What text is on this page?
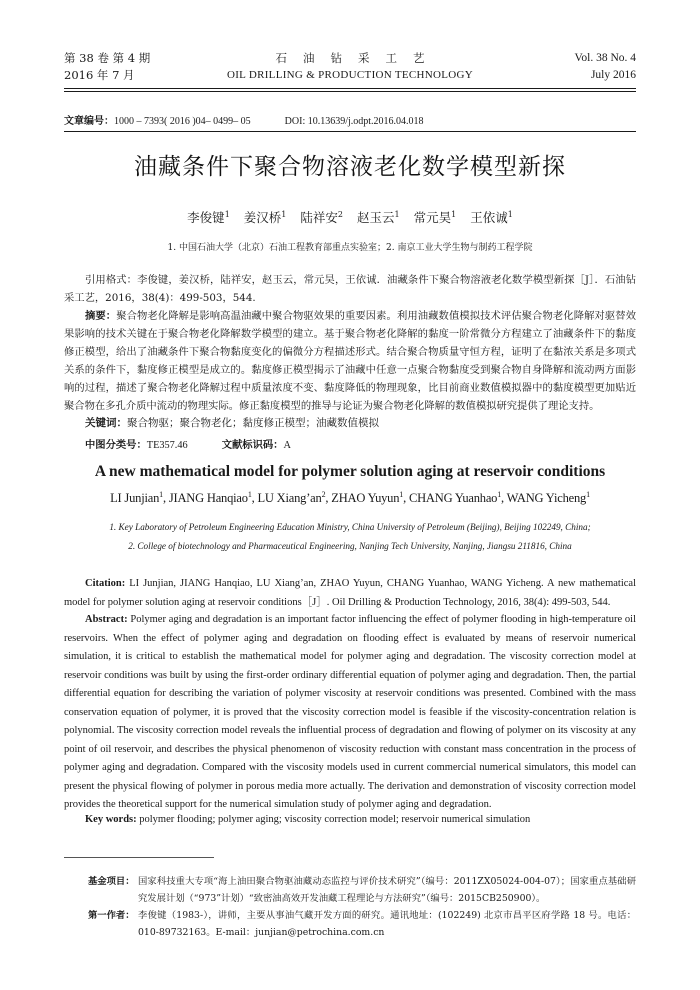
第 38 卷 第 4 期
2016 年 7 月
石油钻采工艺
OIL DRILLING & PRODUCTION TECHNOLOGY
Vol. 38 No. 4
July 2016
文章编号：1000 – 7393( 2016 )04– 0499– 05	DOI: 10.13639/j.odpt.2016.04.018
油藏条件下聚合物溶液老化数学模型新探
李俊键$^1$ 姜汉桥$^1$ 陆祥安$^2$ 赵玉云$^1$ 常元昊$^1$ 王依诚$^1$
1. 中国石油大学（北京）石油工程教育部重点实验室；2. 南京工业大学生物与制药工程学院
引用格式：李俊键，姜汉桥，陆祥安，赵玉云，常元昊，王依诚．油藏条件下聚合物溶液老化数学模型新探［J］．石油钻采工艺，2016，38(4)：499-503，544.
摘要：聚合物老化降解是影响高温油藏中聚合物驱效果的重要因素。利用油藏数值模拟技术评估聚合物老化降解对驱替效果影响的技术关键在于聚合物老化降解数学模型的建立。基于聚合物老化降解的黏度一阶常微分方程建立了油藏条件下的黏度修正模型，给出了油藏条件下聚合物黏度变化的偏微分方程描述形式。结合聚合物质量守恒方程，证明了在黏浓关系是多项式关系的条件下，黏度修正模型是成立的。黏度修正模型揭示了油藏中任意一点聚合物黏度受到聚合物自身降解和流动两方面影响的过程，描述了聚合物老化降解过程中质量浓度不变、黏度降低的物理现象，比目前商业数值模拟器中的黏度模型更加贴近聚合物在多孔介质中流动的物理实际。修正黏度模型的推导与论证为聚合物老化降解的数值模拟研究提供了理论支持。
关键词：聚合物驱；聚合物老化；黏度修正模型；油藏数值模拟
中图分类号：TE357.46	文献标识码：A
A new mathematical model for polymer solution aging at reservoir conditions
LI Junjian$^1$, JIANG Hanqiao$^1$, LU $Xiang’an^2$, ZHAO Yuyun$^1$, CHANG Yuanhao$^1$, WANG Yicheng$^1$
1. Key Laboratory of Petroleum Engineering Education Ministry, China University of Petroleum (Beijing), Beijing 102249, China;
2. College of biotechnology and Pharmaceutical Engineering, Nanjing Tech University, Nanjing, Jiangsu 211816, China
Citation: LI Junjian, JIANG Hanqiao, LU Xiang’an, ZHAO Yuyun, CHANG Yuanhao, WANG Yicheng. A new mathematical model for polymer solution aging at reservoir conditions［J］. Oil Drilling & Production Technology, 2016, 38(4): 499-503, 544.
Abstract: Polymer aging and degradation is an important factor influencing the effect of polymer flooding in high-temperature oil reservoirs. When the effect of polymer aging and degradation on flooding effect is evaluated by means of reservoir numerical simulation, it is critical to establish the mathematical model for polymer aging and degradation. The viscosity correction model at reservoir conditions was built by using the first-order ordinary differential equation of polymer aging and degradation. Then, the partial differential equation for describing the variation of polymer viscosity at reservoir conditions was presented. Combined with the mass conservation equation of polymer, it is proved that the viscosity correction model is feasible if the viscosity-concentration relation is polynomial. The viscosity correction model reveals the influential process of degradation and flowing of polymer on its viscosity at any point of oil reservoir, and describes the physical phenomenon of viscosity reduction with constant mass concentration in the process of polymer aging and degradation. Compared with the viscosity models used in current commercial numerical simulators, this model can present the physical flowing of polymer in porous media more actually. The derivation and demonstration of viscosity correction model provides the theoretical support for the numerical simulation study of polymer aging and degradation.
Key words: polymer flooding; polymer aging; viscosity correction model; reservoir numerical simulation
基金项目： 国家科技重大专项“海上油田聚合物驱油藏动态监控与评价技术研究”（编号：2011ZX05024-004-07）；国家重点基础研究发展计划（“973”计划）“致密油高效开发油藏工程理论与方法研究”（编号：2015CB250900）。
第一作者： 李俊键（1983-），讲师，主要从事油气藏开发方面的研究。通讯地址：(102249) 北京市昌平区府学路 18 号。电话：010-89732163。E-mail：junjian@petrochina.com.cn
